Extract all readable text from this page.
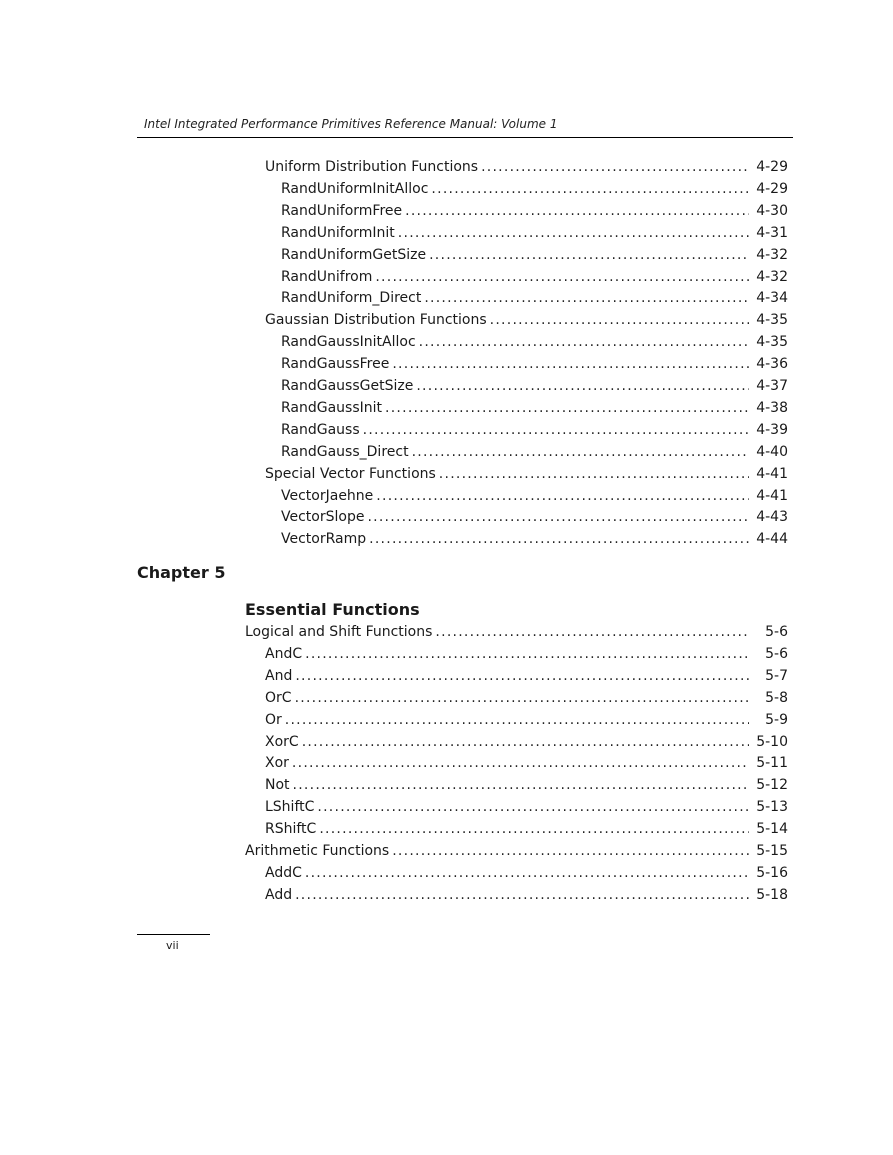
Intel Integrated Performance Primitives Reference Manual: Volume 1
Uniform Distribution Functions . . .	4-29
RandUniformInitAlloc . . .	4-29
RandUniformFree . . .	4-30
RandUniformInit . . .	4-31
RandUniformGetSize . . .	4-32
RandUnifrom . . .	4-32
RandUniform_Direct . . .	4-34
Gaussian Distribution Functions . . .	4-35
RandGaussInitAlloc . . .	4-35
RandGaussFree . . .	4-36
RandGaussGetSize . . .	4-37
RandGaussInit . . .	4-38
RandGauss . . .	4-39
RandGauss_Direct . . .	4-40
Special Vector Functions . . .	4-41
VectorJaehne . . .	4-41
VectorSlope . . .	4-43
VectorRamp . . .	4-44
Chapter 5
Essential Functions
Logical and Shift Functions . . .	5-6
AndC . . .	5-6
And . . .	5-7
OrC . . .	5-8
Or . . .	5-9
XorC . . .	5-10
Xor . . .	5-11
Not . . .	5-12
LShiftC . . .	5-13
RShiftC . . .	5-14
Arithmetic Functions . . .	5-15
AddC . . .	5-16
Add . . .	5-18
vii
